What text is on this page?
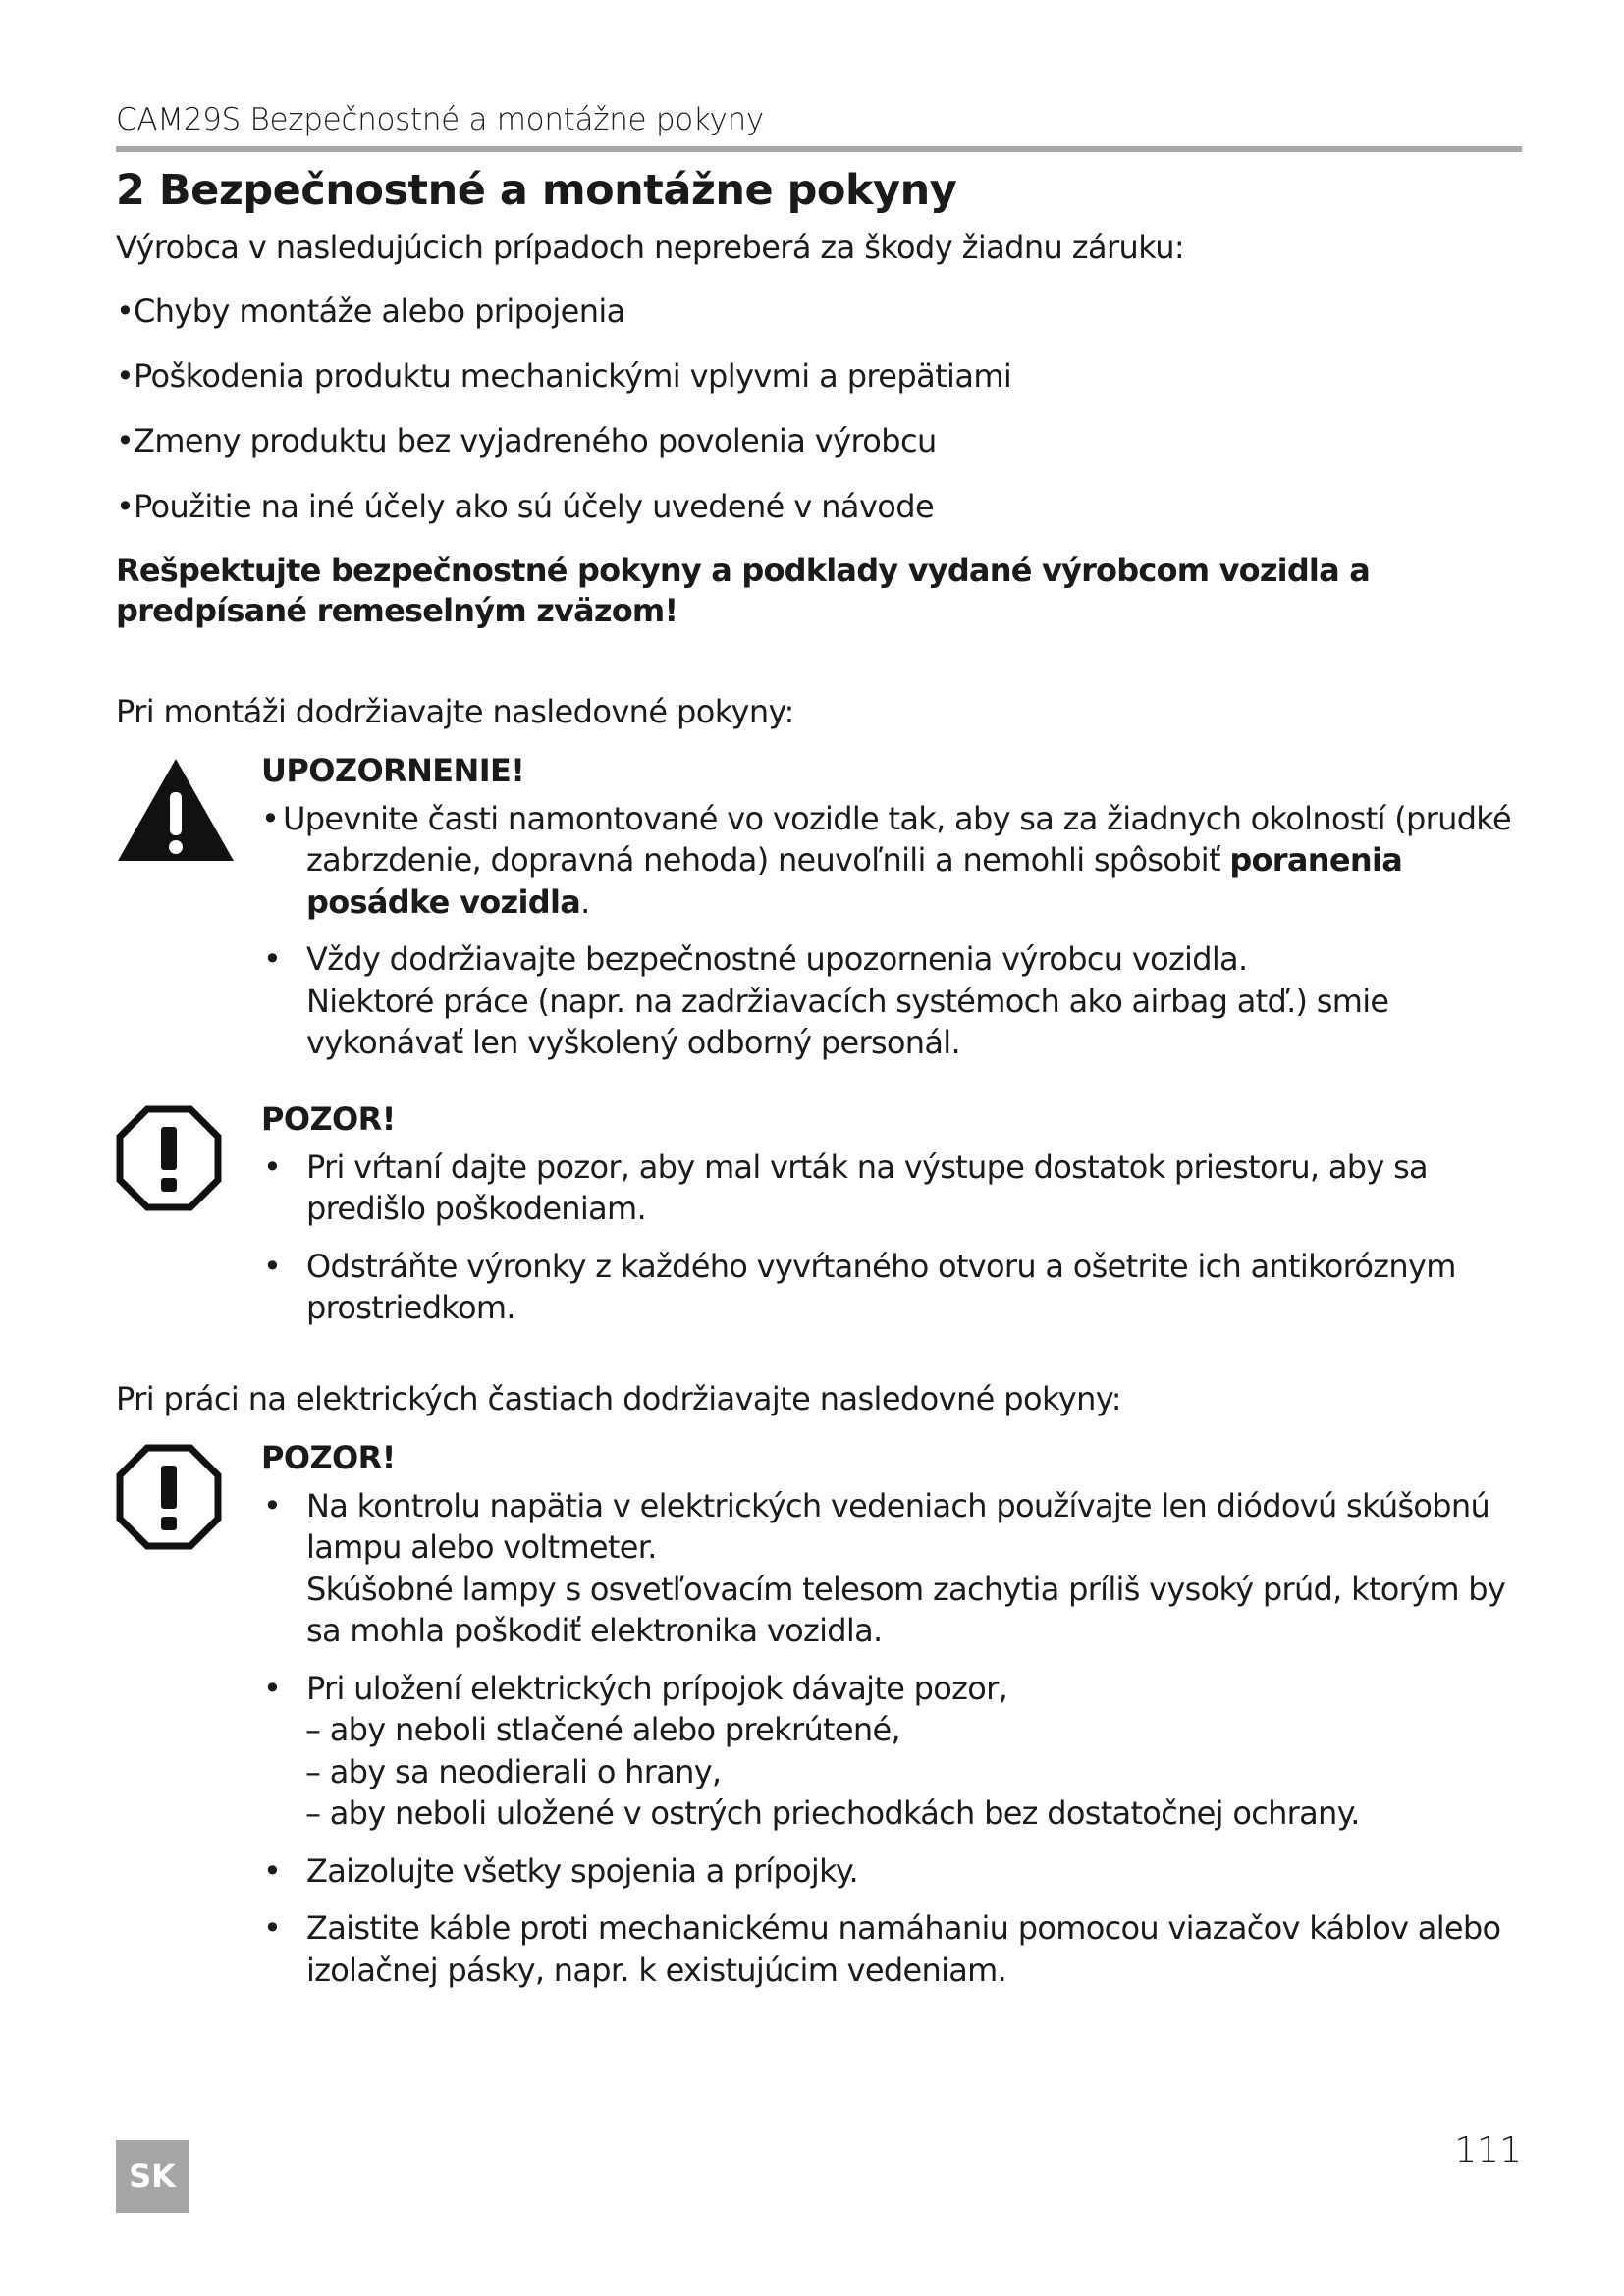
CAM29S Bezpečnostné a montážne pokyny
2 Bezpečnostné a montážne pokyny

Výrobca v nasledujúcich prípadoch nepreberá za škody žiadnu záruku:

•Chyby montáže alebo pripojenia
•Poškodenia produktu mechanickými vplyvmi a prepätiami
•Zmeny produktu bez vyjadreného povolenia výrobcu
•Použitie na iné účely ako sú účely uvedené v návode

Rešpektujte bezpečnostné pokyny a podklady vydané výrobcom vozidla a predpísané remeselným zväzom!

Pri montáži dodržiavajte nasledovné pokyny:

UPOZORNENIE!
• Upevnite časti namontované vo vozidle tak, aby sa za žiadnych okolností (prudké zabrzdenie, dopravná nehoda) neuvoľnili a nemohli spôsobiť poranenia posádke vozidla.
• Vždy dodržiavajte bezpečnostné upozornenia výrobcu vozidla.
Niektoré práce (napr. na zadržiavacích systémoch ako airbag atď.) smie vykonávať len vyškolený odborný personál.
POZOR!
• Pri vŕtaní dajte pozor, aby mal vrták na výstupe dostatok priestoru, aby sa predišlo poškodeniam.
• Odstráňte výronky z každého vyvŕtaného otvoru a ošetrite ich antikoróznym prostriedkom.

Pri práci na elektrických častiach dodržiavajte nasledovné pokyny:

POZOR!
• Na kontrolu napätia v elektrických vedeniach používajte len diódovú skúšobnú lampu alebo voltmeter.
Skúšobné lampy s osvetľovacím telesom zachytia príliš vysoký prúd, ktorým by sa mohla poškodiť elektronika vozidla.
• Pri uložení elektrických prípojok dávajte pozor,
– aby neboli stlačené alebo prekrútené,
– aby sa neodierali o hrany,
– aby neboli uložené v ostrých priechodkách bez dostatočnej ochrany.
• Zaizolujte všetky spojenia a prípojky.
• Zaistite káble proti mechanickému namáhaniu pomocou viazačov káblov alebo izolačnej pásky, napr. k existujúcim vedeniam.
SK
111
